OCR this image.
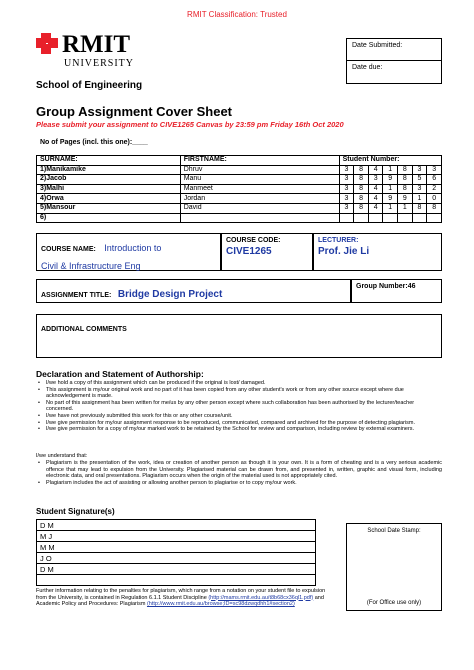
RMIT Classification: Trusted
RMIT
UNIVERSITY
School of Engineering
Date Submitted:
Date due:
Group Assignment Cover Sheet
Please submit your assignment to CIVE1265 Canvas by 23:59 pm Friday 16th Oct 2020
No of Pages (incl. this one):____
SURNAME:	FIRSTNAME:	Student Number:						
1)Manikamike	Dhruv	3	8	4	1	8	3	3
2)Jacob	Manu	3	8	3	9	8	5	6
3)Malhi	Manmeet	3	8	4	1	8	3	2
4)Orwa	Jordan	3	8	4	9	9	1	0
5)Mansour	David	3	8	4	1	1	8	8
6)								
COURSE NAME: Introduction to
Civil & Infrastructure Eng
COURSE CODE:
CIVE1265
LECTURER:
Prof. Jie Li
ASSIGNMENT TITLE: Bridge Design Project
Group Number:46
ADDITIONAL COMMENTS
Declaration and Statement of Authorship:
• I/we hold a copy of this assignment which can be produced if the original is lost/ damaged.
• This assignment is my/our original work and no part of it has been copied from any other student's work or from any other source except where due acknowledgement is made.
• No part of this assignment has been written for me/us by any other person except where such collaboration has been authorised by the lecturer/teacher concerned.
• I/we have not previously submitted this work for this or any other course/unit.
• I/we give permission for my/our assignment response to be reproduced, communicated, compared and archived for the purpose of detecting plagiarism.
• I/we give permission for a copy of my/our marked work to be retained by the School for review and comparison, including review by external examiners.
I/we understand that:
• Plagiarism is the presentation of the work, idea or creation of another person as though it is your own. It is a form of cheating and is a very serious academic offence that may lead to expulsion from the University. Plagiarised material can be drawn from, and presented in, written, graphic and visual form, including electronic data, and oral presentations. Plagiarism occurs when the origin of the material used is not appropriately cited.
• Plagiarism includes the act of assisting or allowing another person to plagiarise or to copy my/our work.
Student Signature(s)
D M
M J
M M
J O
D M

School Date Stamp:
(For Office use only)
Further information relating to the penalties for plagiarism, which range from a notation on your student file to expulsion from the University, is contained in Regulation 6.1.1 Student Discipline (http://mams.rmit.edu.au/t8b68cx36ql1.pdf) and Academic Policy and Procedures: Plagiarism (http://www.rmit.edu.au/browse;ID=sc98dzwqdhh1#section2)
